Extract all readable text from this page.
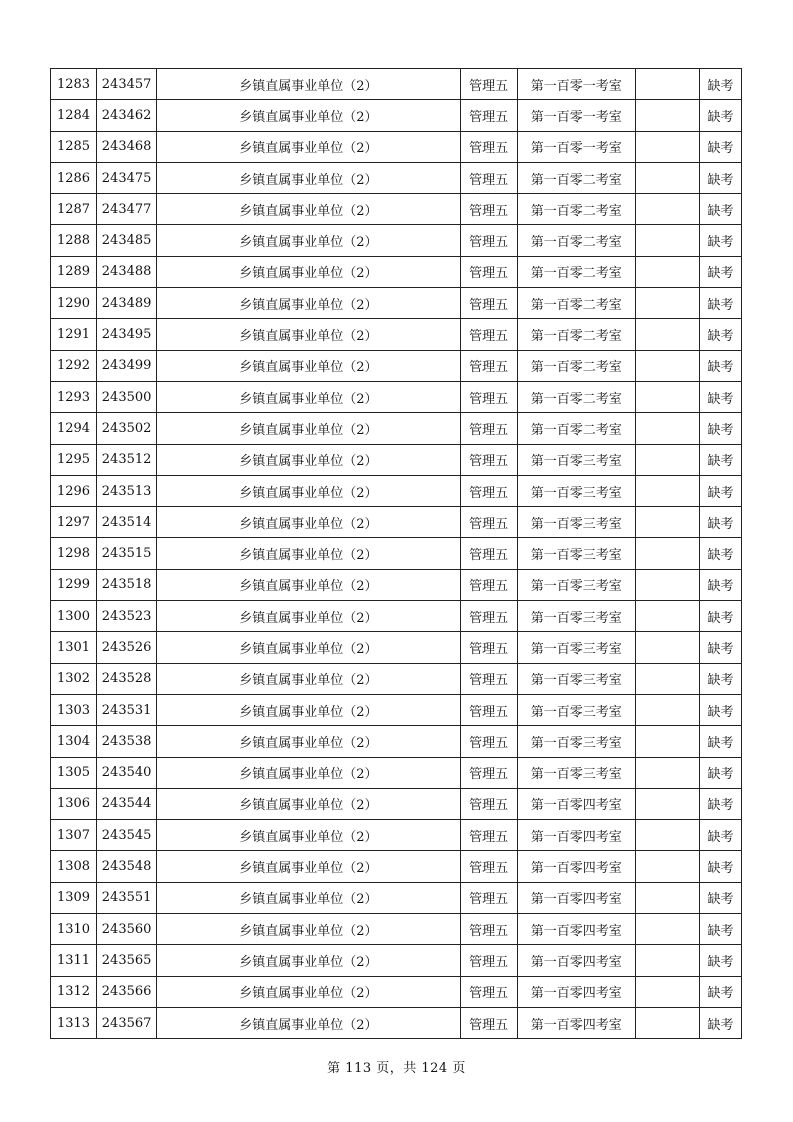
1283	243457	乡镇直属事业单位（2）	管理五	第一百零一考室		缺考
1284	243462	乡镇直属事业单位（2）	管理五	第一百零一考室		缺考
1285	243468	乡镇直属事业单位（2）	管理五	第一百零一考室		缺考
1286	243475	乡镇直属事业单位（2）	管理五	第一百零二考室		缺考
1287	243477	乡镇直属事业单位（2）	管理五	第一百零二考室		缺考
1288	243485	乡镇直属事业单位（2）	管理五	第一百零二考室		缺考
1289	243488	乡镇直属事业单位（2）	管理五	第一百零二考室		缺考
1290	243489	乡镇直属事业单位（2）	管理五	第一百零二考室		缺考
1291	243495	乡镇直属事业单位（2）	管理五	第一百零二考室		缺考
1292	243499	乡镇直属事业单位（2）	管理五	第一百零二考室		缺考
1293	243500	乡镇直属事业单位（2）	管理五	第一百零二考室		缺考
1294	243502	乡镇直属事业单位（2）	管理五	第一百零二考室		缺考
1295	243512	乡镇直属事业单位（2）	管理五	第一百零三考室		缺考
1296	243513	乡镇直属事业单位（2）	管理五	第一百零三考室		缺考
1297	243514	乡镇直属事业单位（2）	管理五	第一百零三考室		缺考
1298	243515	乡镇直属事业单位（2）	管理五	第一百零三考室		缺考
1299	243518	乡镇直属事业单位（2）	管理五	第一百零三考室		缺考
1300	243523	乡镇直属事业单位（2）	管理五	第一百零三考室		缺考
1301	243526	乡镇直属事业单位（2）	管理五	第一百零三考室		缺考
1302	243528	乡镇直属事业单位（2）	管理五	第一百零三考室		缺考
1303	243531	乡镇直属事业单位（2）	管理五	第一百零三考室		缺考
1304	243538	乡镇直属事业单位（2）	管理五	第一百零三考室		缺考
1305	243540	乡镇直属事业单位（2）	管理五	第一百零三考室		缺考
1306	243544	乡镇直属事业单位（2）	管理五	第一百零四考室		缺考
1307	243545	乡镇直属事业单位（2）	管理五	第一百零四考室		缺考
1308	243548	乡镇直属事业单位（2）	管理五	第一百零四考室		缺考
1309	243551	乡镇直属事业单位（2）	管理五	第一百零四考室		缺考
1310	243560	乡镇直属事业单位（2）	管理五	第一百零四考室		缺考
1311	243565	乡镇直属事业单位（2）	管理五	第一百零四考室		缺考
1312	243566	乡镇直属事业单位（2）	管理五	第一百零四考室		缺考
1313	243567	乡镇直属事业单位（2）	管理五	第一百零四考室		缺考
第 113 页，共 124 页
